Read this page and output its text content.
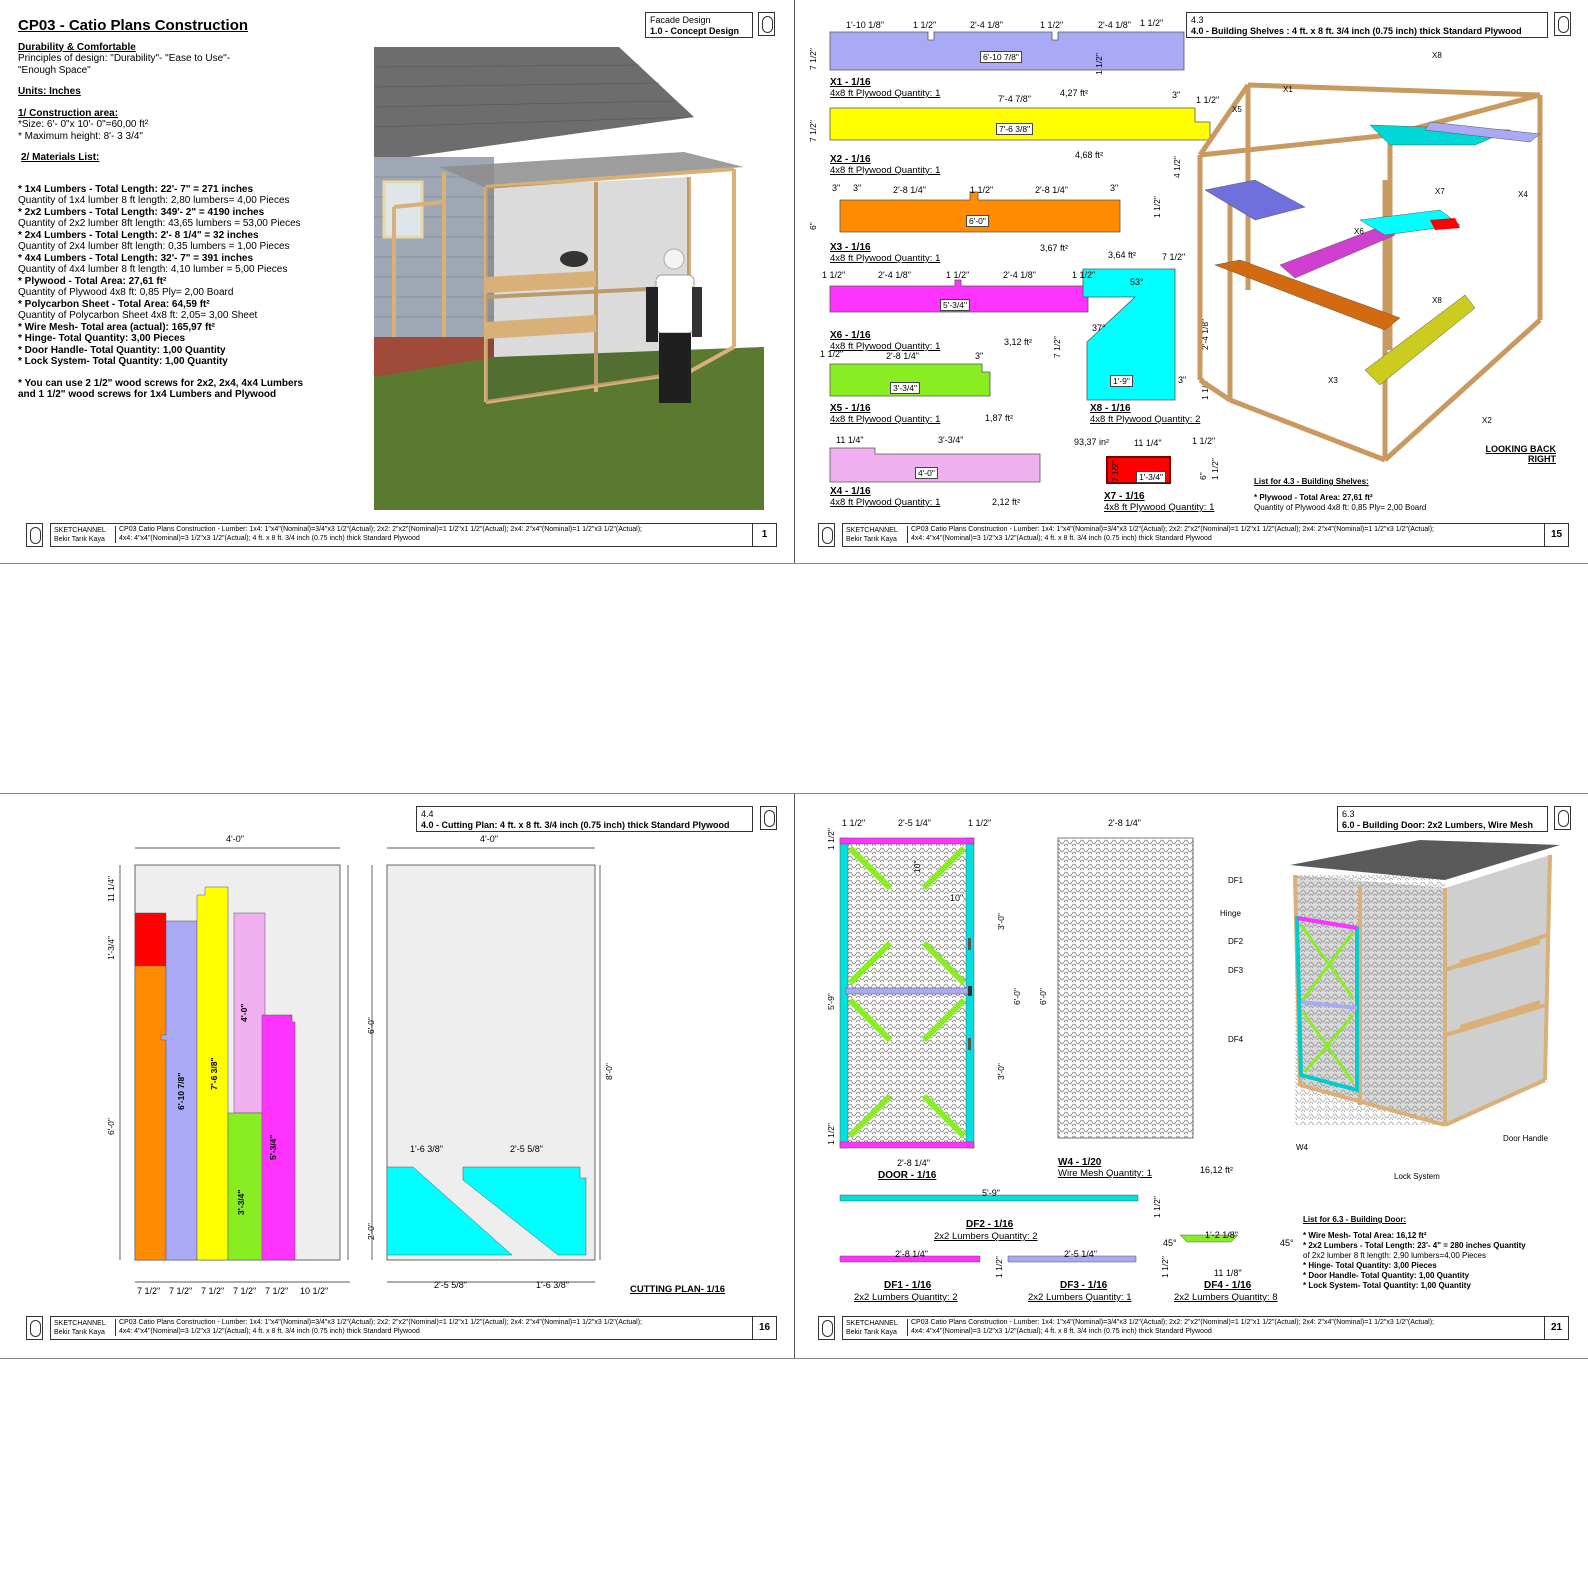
Facade Design
1.0 - Concept Design
CP03 - Catio Plans Construction
Durability & Comfortable
Principles of design: "Durability"- "Ease to Use"-
"Enough Space"
Units: Inches
1/ Construction area:
*Size: 6'- 0"x 10'- 0"=60,00 ft²
* Maximum height: 8'- 3 3/4"
2/ Materials List:
* 1x4 Lumbers - Total Length: 22'- 7" = 271 inches
Quantity of 1x4 lumber 8 ft length: 2,80 lumbers= 4,00 Pieces
* 2x2 Lumbers - Total Length: 349'- 2" = 4190 inches
Quantity of 2x2 lumber 8ft length: 43,65 lumbers = 53,00 Pieces
* 2x4 Lumbers - Total Length: 2'- 8 1/4" = 32 inches
Quantity of 2x4 lumber 8ft length: 0,35 lumbers = 1,00 Pieces
* 4x4 Lumbers - Total Length: 32'- 7" = 391 inches
Quantity of 4x4 lumber 8 ft length: 4,10 lumber = 5,00 Pieces
* Plywood - Total Area: 27,61 ft²
Quantity of Plywood 4x8 ft: 0,85 Ply= 2,00 Board
* Polycarbon Sheet - Total Area: 64,59 ft²
Quantity of Polycarbon Sheet 4x8 ft: 2,05= 3,00 Sheet
* Wire Mesh- Total area (actual): 165,97 ft²
* Hinge- Total Quantity: 3,00 Pieces
* Door Handle- Total Quantity: 1,00 Quantity
* Lock System- Total Quantity: 1,00 Quantity
* You can use 2 1/2" wood screws for 2x2, 2x4, 4x4 Lumbers
and 1 1/2" wood screws for 1x4 Lumbers and Plywood
SKETCHANNEL
Bekir Tarık Kaya
CP03 Catio Plans Construction - Lumber: 1x4: 1"x4"(Nominal)=3/4"x3 1/2"(Actual); 2x2: 2"x2"(Nominal)=1 1/2"x1 1/2"(Actual); 2x4: 2"x4"(Nominal)=1 1/2"x3 1/2"(Actual);
4x4: 4"x4"(Nominal)=3 1/2"x3 1/2"(Actual); 4 ft. x 8 ft. 3/4 inch (0.75 inch) thick Standard Plywood	1
4.3
4.0 - Building Shelves : 4 ft. x 8 ft. 3/4 inch (0.75 inch) thick Standard Plywood
1'-10 1/8"	1 1/2"	2'-4 1/8"	1 1/2"	2'-4 1/8" 1 1/2"
6'-10 7/8"
4,27 ft²
X1 - 1/16
4x8 ft Plywood Quantity: 1	7'-4 7/8"	3" 1 1/2"
7'-6 3/8"
4,68 ft²
X2 - 1/16
4x8 ft Plywood Quantity: 1
3" 3"	2'-8 1/4"	1 1/2"	2'-8 1/4"	3"
6'-0"
3,67 ft²
X3 - 1/16
4x8 ft Plywood Quantity: 1
1 1/2"	2'-4 1/8"	1 1/2"	2'-4 1/8"	1 1/2"
5'-3/4"
3,12 ft²
X6 - 1/16
4x8 ft Plywood Quantity: 1
1 1/2"	2'-8 1/4"	3"
3'-3/4"
1,87 ft²
X5 - 1/16
4x8 ft Plywood Quantity: 1
11 1/4"	3'-3/4"
4'-0"
2,12 ft²
X4 - 1/16
4x8 ft Plywood Quantity: 1
3,64 ft²	7 1/2"
53°
37°
1'-9"	3"
X8 - 1/16
4x8 ft Plywood Quantity: 2
93,37 in²	11 1/4"	1 1/2"
1'-3/4"
X7 - 1/16
4x8 ft Plywood Quantity: 1
7 1/2"
7 1/2"
1 1/2"
4 1/2"
6"
1 1/2"
7 1/2"	2'-4 1/8"
1 1/2"
7 1/2"	6" 1 1/2"
X8
X1
X5
X7	X4
X6
X8
X3
X2
LOOKING BACK RIGHT
List for 4.3 - Building Shelves:
* Plywood - Total Area: 27,61 ft²
Quantity of Plywood 4x8 ft: 0,85 Ply= 2,00 Board
SKETCHANNEL
Bekir Tarık Kaya
CP03 Catio Plans Construction - Lumber: 1x4: 1"x4"(Nominal)=3/4"x3 1/2"(Actual); 2x2: 2"x2"(Nominal)=1 1/2"x1 1/2"(Actual); 2x4: 2"x4"(Nominal)=1 1/2"x3 1/2"(Actual);
4x4: 4"x4"(Nominal)=3 1/2"x3 1/2"(Actual); 4 ft. x 8 ft. 3/4 inch (0.75 inch) thick Standard Plywood	15
4.4
4.0 - Cutting Plan: 4 ft. x 8 ft. 3/4 inch (0.75 inch) thick Standard Plywood
4'-0"	4'-0"
11 1/4"
1'-3/4"
6'-0"
6'-10 7/8"	7'-6 3/8"
4'-0"
3'-3/4"
5'-3/4"
7 1/2" 7 1/2" 7 1/2" 7 1/2" 7 1/2" 10 1/2"
6'-0"
2'-0"
8'-0"
1'-6 3/8"	2'-5 5/8"
2'-5 5/8"	1'-6 3/8"	CUTTING PLAN- 1/16
SKETCHANNEL
Bekir Tarık Kaya
CP03 Catio Plans Construction - Lumber: 1x4: 1"x4"(Nominal)=3/4"x3 1/2"(Actual); 2x2: 2"x2"(Nominal)=1 1/2"x1 1/2"(Actual); 2x4: 2"x4"(Nominal)=1 1/2"x3 1/2"(Actual);
4x4: 4"x4"(Nominal)=3 1/2"x3 1/2"(Actual); 4 ft. x 8 ft. 3/4 inch (0.75 inch) thick Standard Plywood	16
6.3
6.0 - Building Door: 2x2 Lumbers, Wire Mesh
1 1/2"	2'-5 1/4"	1 1/2"
10"
10"
5'-9"
3'-0"
3'-0"
6'-0"
1 1/2"
1 1/2"
2'-8 1/4"
DOOR - 1/16
2'-8 1/4"
6'-0"
W4 - 1/20
Wire Mesh Quantity: 1	16,12 ft²
5'-9"
DF2 - 1/16
2x2 Lumbers Quantity: 2
1 1/2"
2'-8 1/4"
DF1 - 1/16
2x2 Lumbers Quantity: 2
1 1/2"
2'-5 1/4"
DF3 - 1/16
2x2 Lumbers Quantity: 1
1 1/2"
1'-2 1/8"
11 1/8"
45°	45°
DF4 - 1/16
2x2 Lumbers Quantity: 8
DF1
Hinge
DF2
DF3
DF4
W4
Lock System
Door Handle
List for 6.3 - Building Door:
* Wire Mesh- Total Area: 16,12 ft²
* 2x2 Lumbers - Total Length: 23'- 4" = 280 inches Quantity
of 2x2 lumber 8 ft length: 2,90 lumbers=4,00 Pieces
* Hinge- Total Quantity: 3,00 Pieces
* Door Handle- Total Quantity: 1,00 Quantity
* Lock System- Total Quantity: 1,00 Quantity
SKETCHANNEL
Bekir Tarık Kaya
CP03 Catio Plans Construction - Lumber: 1x4: 1"x4"(Nominal)=3/4"x3 1/2"(Actual); 2x2: 2"x2"(Nominal)=1 1/2"x1 1/2"(Actual); 2x4: 2"x4"(Nominal)=1 1/2"x3 1/2"(Actual);
4x4: 4"x4"(Nominal)=3 1/2"x3 1/2"(Actual); 4 ft. x 8 ft. 3/4 inch (0.75 inch) thick Standard Plywood	21
